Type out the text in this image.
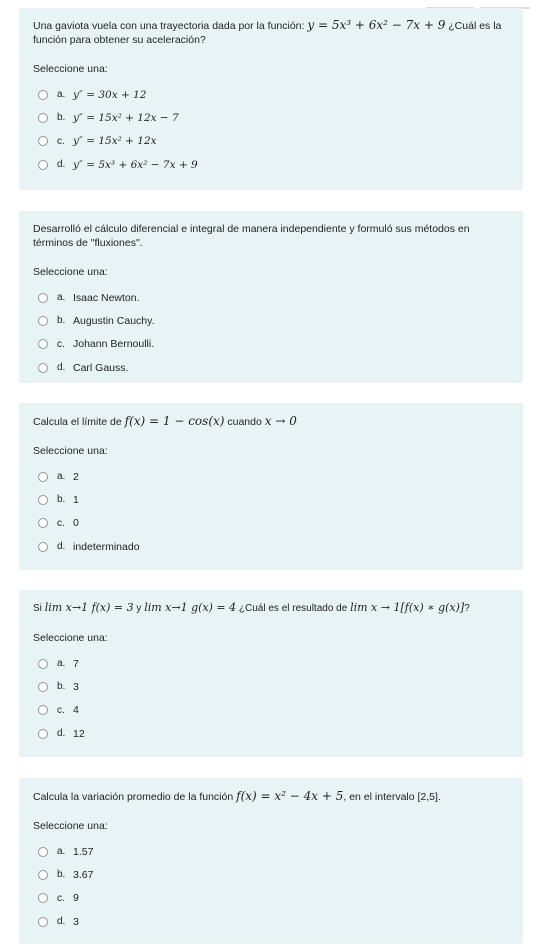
Una gaviota vuela con una trayectoria dada por la función:
y = 5x³ + 6x² − 7x + 9
¿Cuál es la
función para obtener su aceleración?
Seleccione una:
a. y″ = 30x + 12
b. y″ = 15x² + 12x − 7
c. y″ = 15x² + 12x
d. y″ = 5x³ + 6x² − 7x + 9
Desarrolló el cálculo diferencial e integral de manera independiente y formuló sus métodos en
términos de "fluxiones".
Seleccione una:
a. Isaac Newton.
b. Augustin Cauchy.
c. Johann Bernoulli.
d. Carl Gauss.
Calcula el límite de
f(x) = 1 − cos(x)
cuando
x → 0
Seleccione una:
a. 2
b. 1
c. 0
d. indeterminado
Si
lim x→1 f(x) = 3
y
lim x→1 g(x) = 4
¿Cuál es el resultado de
lim x → 1[f(x) ∗ g(x)] ?
Seleccione una:
a. 7
b. 3
c. 4
d. 12
Calcula la variación promedio de la función
f(x) = x² − 4x + 5 , en el intervalo [2,5].
Seleccione una:
a. 1.57
b. 3.67
c. 9
d. 3
